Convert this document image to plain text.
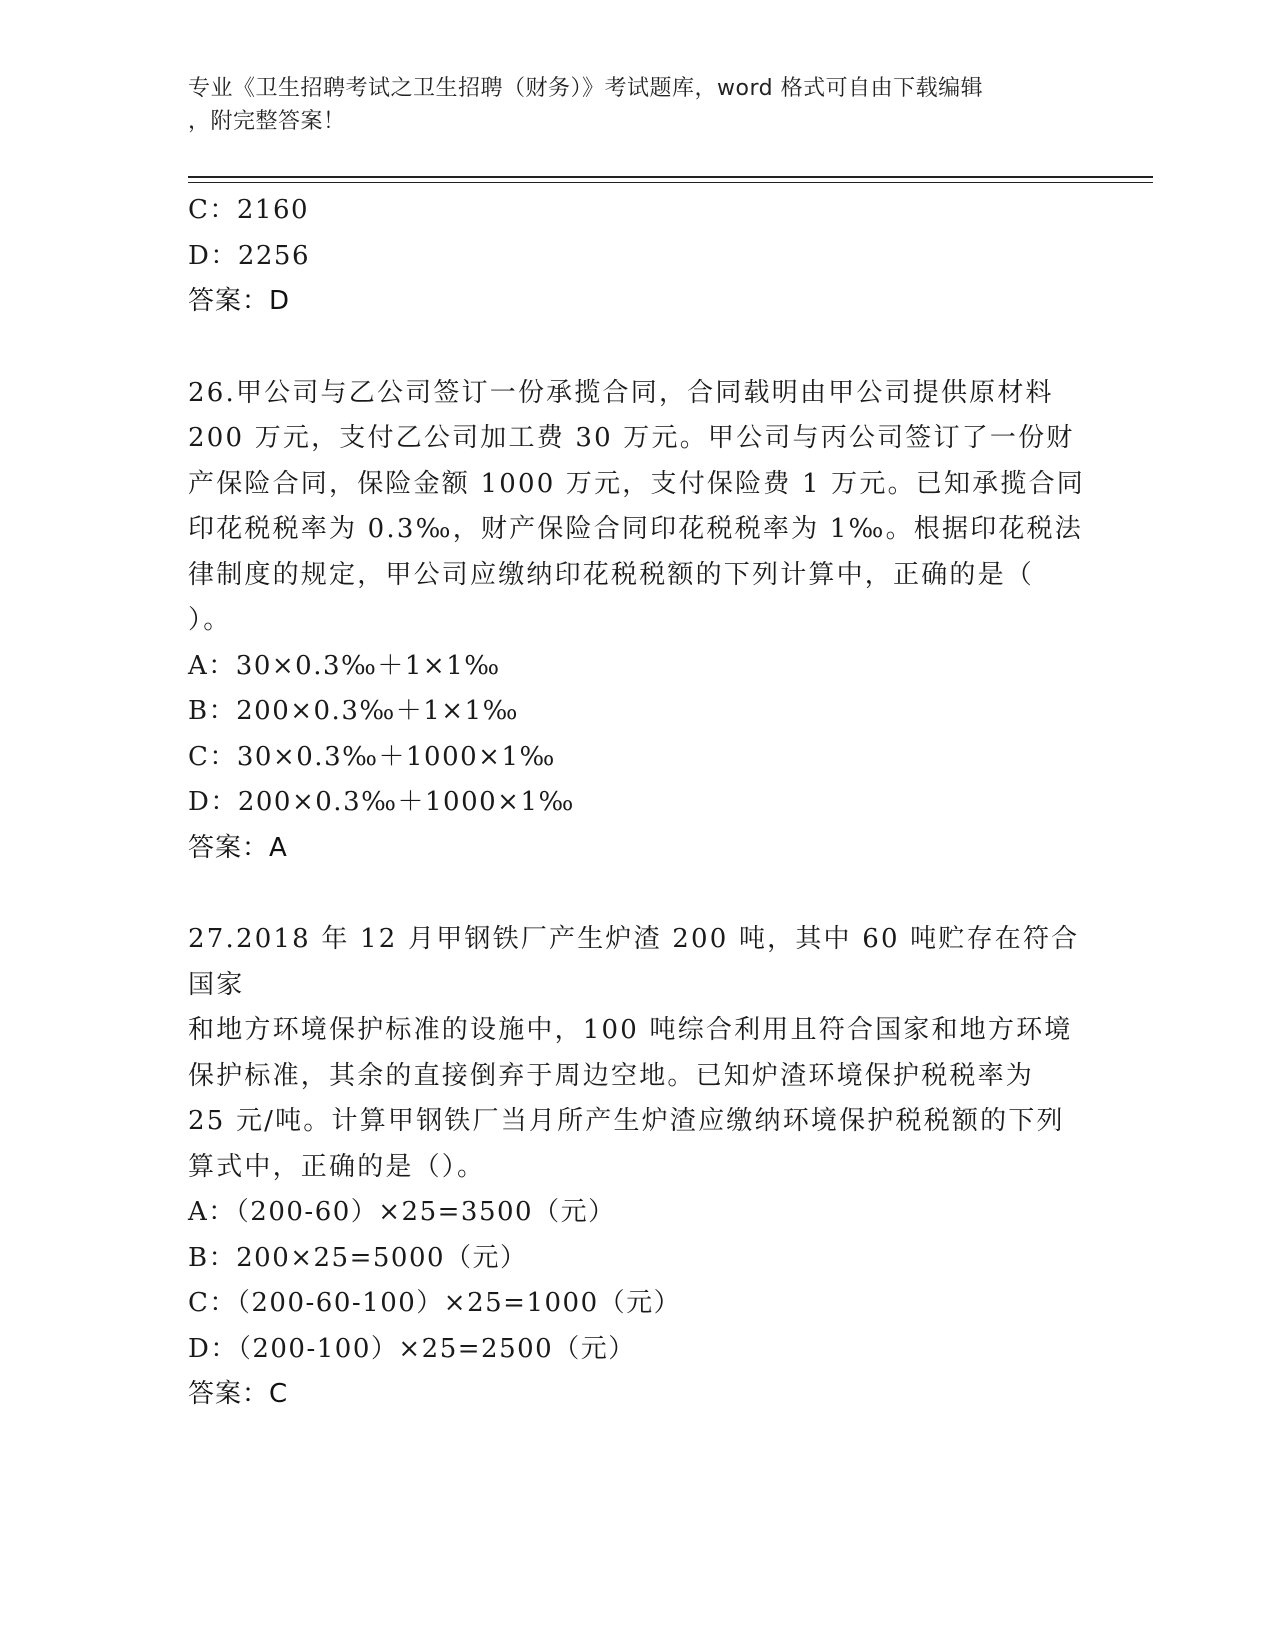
专业《卫生招聘考试之卫生招聘（财务）》考试题库，word 格式可自由下载编辑
，附完整答案！
C：2160
D：2256
答案：D
26.甲公司与乙公司签订一份承揽合同，合同载明由甲公司提供原材料
200 万元，支付乙公司加工费 30 万元。甲公司与丙公司签订了一份财
产保险合同，保险金额 1000 万元，支付保险费 1 万元。已知承揽合同
印花税税率为 0.3‰，财产保险合同印花税税率为 1‰。根据印花税法
律制度的规定，甲公司应缴纳印花税税额的下列计算中，正确的是（
）。
A：30×0.3‰＋1×1‰
B：200×0.3‰＋1×1‰
C：30×0.3‰＋1000×1‰
D：200×0.3‰＋1000×1‰
答案：A
27.2018 年 12 月甲钢铁厂产生炉渣 200 吨，其中 60 吨贮存在符合国家
和地方环境保护标准的设施中，100 吨综合利用且符合国家和地方环境
保护标准，其余的直接倒弃于周边空地。已知炉渣环境保护税税率为
25 元/吨。计算甲钢铁厂当月所产生炉渣应缴纳环境保护税税额的下列
算式中，正确的是（）。
A：（200-60）×25=3500（元）
B：200×25=5000（元）
C：（200-60-100）×25=1000（元）
D：（200-100）×25=2500（元）
答案：C
